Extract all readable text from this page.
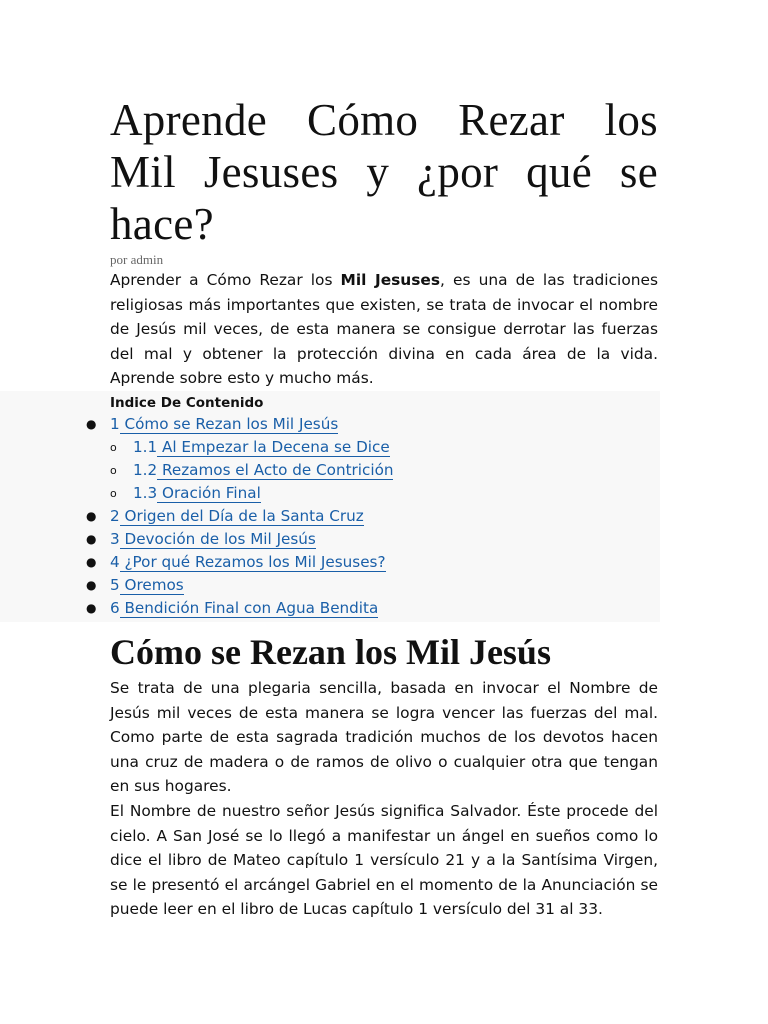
Aprende Cómo Rezar los Mil Jesuses y ¿por qué se hace?
por admin

Aprender a Cómo Rezar los Mil Jesuses, es una de las tradiciones religiosas más importantes que existen, se trata de invocar el nombre de Jesús mil veces, de esta manera se consigue derrotar las fuerzas del mal y obtener la protección divina en cada área de la vida. Aprende sobre esto y mucho más.

Indice De Contenido
● 1 Cómo se Rezan los Mil Jesús
o 1.1 Al Empezar la Decena se Dice
o 1.2 Rezamos el Acto de Contrición
o 1.3 Oración Final
● 2 Origen del Día de la Santa Cruz
● 3 Devoción de los Mil Jesús
● 4 ¿Por qué Rezamos los Mil Jesuses?
● 5 Oremos
● 6 Bendición Final con Agua Bendita
Cómo se Rezan los Mil Jesús

Se trata de una plegaria sencilla, basada en invocar el Nombre de Jesús mil veces de esta manera se logra vencer las fuerzas del mal. Como parte de esta sagrada tradición muchos de los devotos hacen una cruz de madera o de ramos de olivo o cualquier otra que tengan en sus hogares.

El Nombre de nuestro señor Jesús significa Salvador. Éste procede del cielo. A San José se lo llegó a manifestar un ángel en sueños como lo dice el libro de Mateo capítulo 1 versículo 21 y a la Santísima Virgen, se le presentó el arcángel Gabriel en el momento de la Anunciación se puede leer en el libro de Lucas capítulo 1 versículo del 31 al 33.
